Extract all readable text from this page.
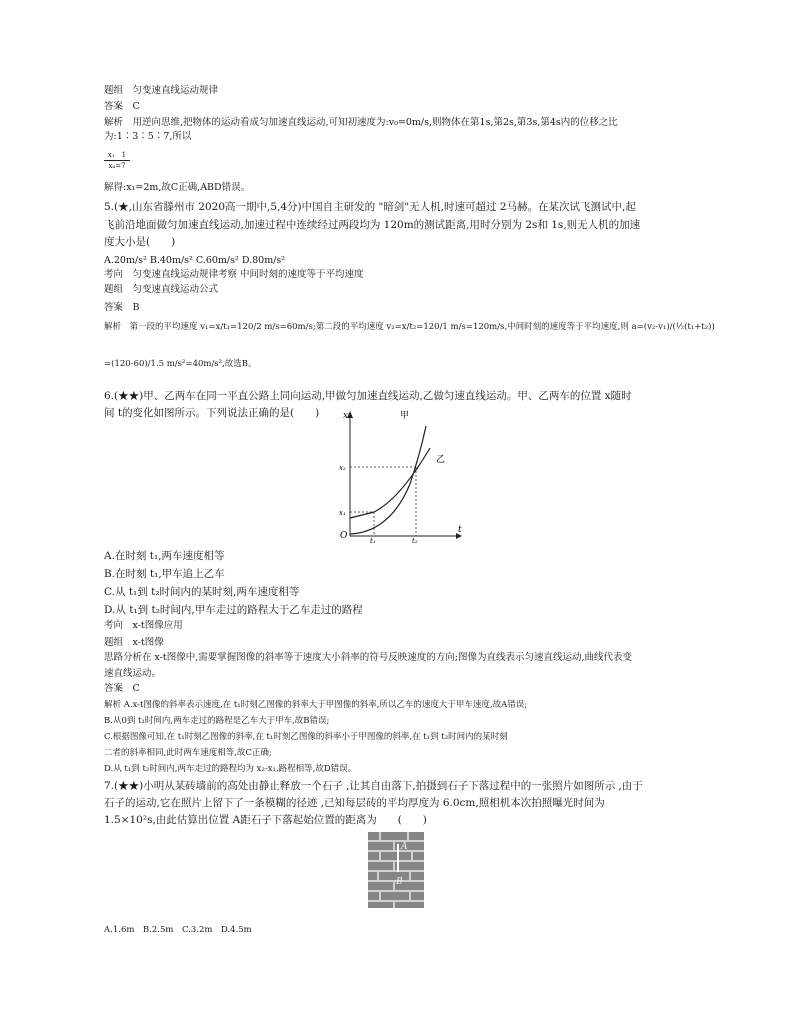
题组　匀变速直线运动规律
答案　C
解析　用逆向思维,把物体的运动看成匀加速直线运动,可知初速度为:v₀=0m/s,则物体在第1s,第2s,第3s,第4s内的位移之比
为:1∶3∶5∶7,所以
解得:x₁=2m,故C正确,ABD错误。
5.(★,山东省滕州市 2020高一期中,5,4分)中国自主研发的 "暗剑"无人机,时速可超过 2马赫。在某次试飞测试中,起
飞前沿地面做匀加速直线运动,加速过程中连续经过两段均为 120m的测试距离,用时分别为 2s和 1s,则无人机的加速
度大小是(　　)
A.20m/s² B.40m/s² C.60m/s² D.80m/s²
考向　匀变速直线运动规律考察 中间时刻的速度等于平均速度
题组　匀变速直线运动公式
答案　B
解析　第一段的平均速度 v₁=x/t₁=120/2 m/s=60m/s;第二段的平均速度 v₂=x/t₂=120/1 m/s=120m/s,中间时刻的速度等于平均速度,则 a=(v₂-v₁)/(½(t₁+t₂))
=(120-60)/1.5 m/s²=40m/s²,故选B。
6.(★★)甲、乙两车在同一平直公路上同向运动,甲做匀加速直线运动,乙做匀速直线运动。甲、乙两车的位置 x随时
间 t的变化如图所示。下列说法正确的是(　　)
A.在时刻 t₁,两车速度相等
B.在时刻 t₁,甲车追上乙车
C.从 t₁到 t₂时间内的某时刻,两车速度相等
D.从 t₁到 t₂时间内,甲车走过的路程大于乙车走过的路程
考向　x-t图像应用
题组　x-t图像
思路分析在 x-t图像中,需要掌握图像的斜率等于速度大小斜率的符号反映速度的方向;图像为直线表示匀速直线运动,曲线代表变
速直线运动。
答案　C
解析 A.x-t图像的斜率表示速度,在 t₁时刻乙图像的斜率大于甲图像的斜率,所以乙车的速度大于甲车速度,故A错误;
B.从0到 t₁时间内,两车走过的路程是乙车大于甲车,故B错误;
C.根据图像可知,在 t₁时刻乙图像的斜率,在 t₁时刻乙图像的斜率小于甲图像的斜率,在 t₁到 t₂时间内的某时刻
二者的斜率相同,此时两车速度相等,故C正确;
D.从 t₁到 t₂时间内,两车走过的路程均为 x₂-x₁,路程相等,故D错误。
7.(★★)小明从某砖墙前的高处由静止释放一个石子 ,让其自由落下,拍摄到石子下落过程中的一张照片如图所示 ,由于
石子的运动,它在照片上留下了一条模糊的径迹 ,已知每层砖的平均厚度为 6.0cm,照相机本次拍照曝光时间为
1.5×10²s,由此估算出位置 A距石子下落起始位置的距离为　　(　　)
A.1.6m　B.2.5m　C.3.2m　D.4.5m
x₁　1
x₄=7
x
t
O	t₁	t₂
x₁
x₂
甲
乙
A
B
